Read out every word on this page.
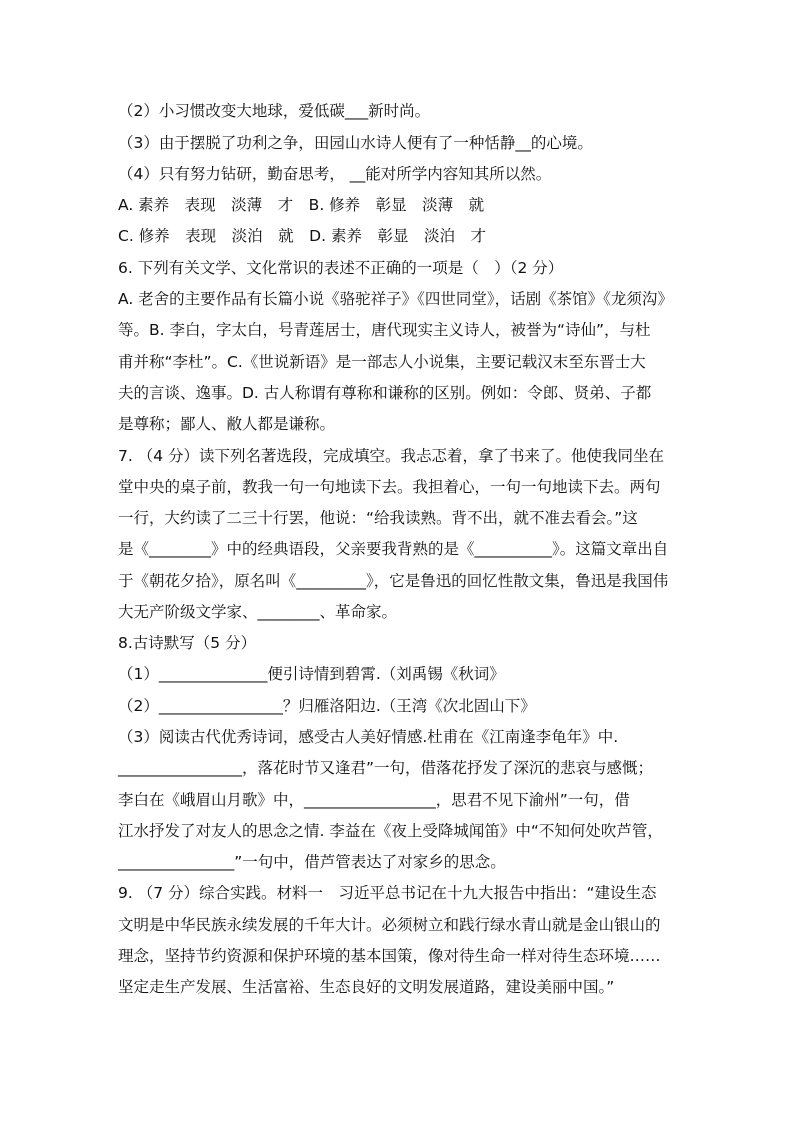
（2）小习惯改变大地球，爱低碳___新时尚。
（3）由于摆脱了功利之争，田园山水诗人便有了一种恬静__的心境。
（4）只有努力钻研，勤奋思考， __能对所学内容知其所以然。
A. 素养　表现　淡薄　才　B. 修养　彰显　淡薄　就
C. 修养　表现　淡泊　就　D. 素养　彰显　淡泊　才
6. 下列有关文学、文化常识的表述不正确的一项是（　）（2 分）
A. 老舍的主要作品有长篇小说《骆驼祥子》《四世同堂》，话剧《茶馆》《龙须沟》
等。B. 李白，字太白，号青莲居士，唐代现实主义诗人，被誉为“诗仙”，与杜
甫并称“李杜”。C.《世说新语》是一部志人小说集，主要记载汉末至东晋士大
夫的言谈、逸事。D. 古人称谓有尊称和谦称的区别。例如：令郎、贤弟、子都
是尊称；鄙人、敝人都是谦称。
7. （4 分）读下列名著选段，完成填空。我忐忑着，拿了书来了。他使我同坐在
堂中央的桌子前，教我一句一句地读下去。我担着心，一句一句地读下去。两句
一行，大约读了二三十行罢，他说：“给我读熟。背不出，就不准去看会。”这
是《________》中的经典语段，父亲要我背熟的是《__________》。这篇文章出自
于《朝花夕拾》，原名叫《_________》，它是鲁迅的回忆性散文集，鲁迅是我国伟
大无产阶级文学家、________、革命家。
8.古诗默写（5 分）
（1）______________便引诗情到碧霄.（刘禹锡《秋词》
（2）________________？归雁洛阳边.（王湾《次北固山下》
（3）阅读古代优秀诗词，感受古人美好情感.杜甫在《江南逢李龟年》中.
________________，落花时节又逢君”一句，借落花抒发了深沉的悲哀与感慨；
李白在《峨眉山月歌》中，_________________，思君不见下渝州”一句，借
江水抒发了对友人的思念之情. 李益在《夜上受降城闻笛》中“不知何处吹芦管，
_______________”一句中，借芦管表达了对家乡的思念。
9. （7 分）综合实践。材料一　习近平总书记在十九大报告中指出：“建设生态
文明是中华民族永续发展的千年大计。必须树立和践行绿水青山就是金山银山的
理念，坚持节约资源和保护环境的基本国策，像对待生命一样对待生态环境……
坚定走生产发展、生活富裕、生态良好的文明发展道路，建设美丽中国。”
